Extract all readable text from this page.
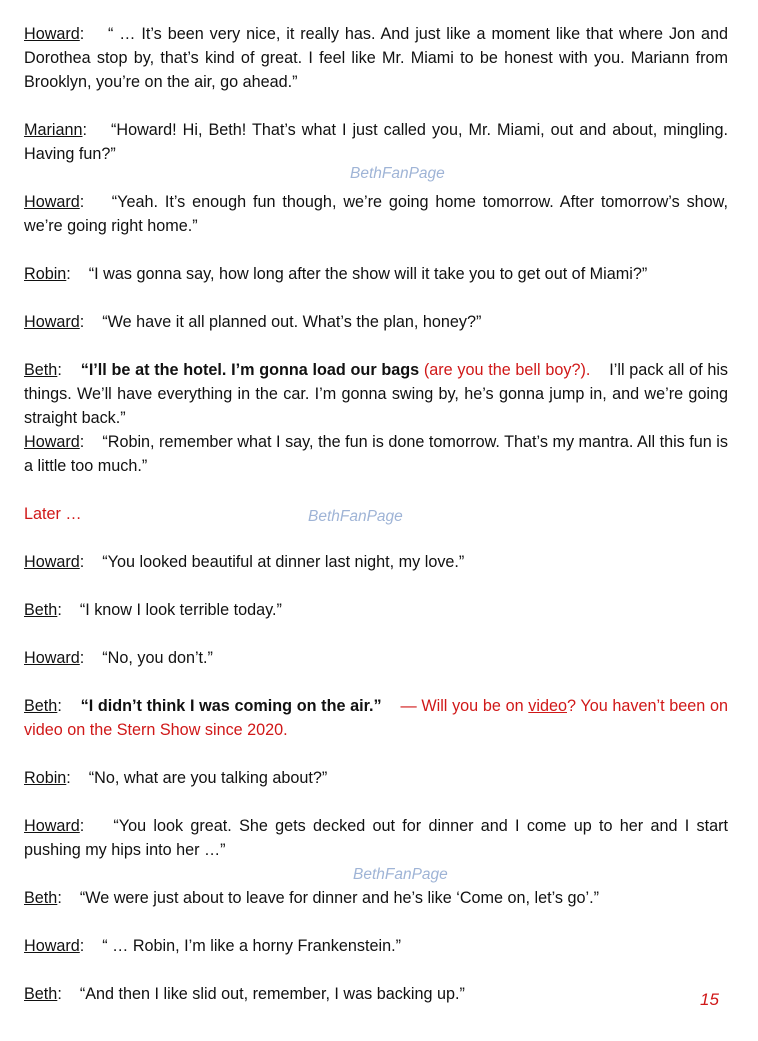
Howard: “ … It’s been very nice, it really has. And just like a moment like that where Jon and Dorothea stop by, that’s kind of great. I feel like Mr. Miami to be honest with you. Mariann from Brooklyn, you’re on the air, go ahead.”

Mariann: “Howard! Hi, Beth! That’s what I just called you, Mr. Miami, out and about, mingling. Having fun?”

Howard: “Yeah. It’s enough fun though, we’re going home tomorrow. After tomorrow’s show, we’re going right home.”

Robin: “I was gonna say, how long after the show will it take you to get out of Miami?”

Howard: “We have it all planned out. What’s the plan, honey?”

Beth: “I’ll be at the hotel. I’m gonna load our bags (are you the bell boy?). I’ll pack all of his things. We’ll have everything in the car. I’m gonna swing by, he’s gonna jump in, and we’re going straight back.”

Howard: “Robin, remember what I say, the fun is done tomorrow. That’s my mantra. All this fun is a little too much.”

Later …

Howard: “You looked beautiful at dinner last night, my love.”

Beth: “I know I look terrible today.”

Howard: “No, you don’t.”

Beth: “I didn’t think I was coming on the air.” — Will you be on video? You haven’t been on video on the Stern Show since 2020.

Robin: “No, what are you talking about?”

Howard: “You look great. She gets decked out for dinner and I come up to her and I start pushing my hips into her …”

Beth: “We were just about to leave for dinner and he’s like ‘Come on, let’s go’.”

Howard: “ … Robin, I’m like a horny Frankenstein.”

Beth: “And then I like slid out, remember, I was backing up.”

BethFanPage
BethFanPage
BethFanPage
15
